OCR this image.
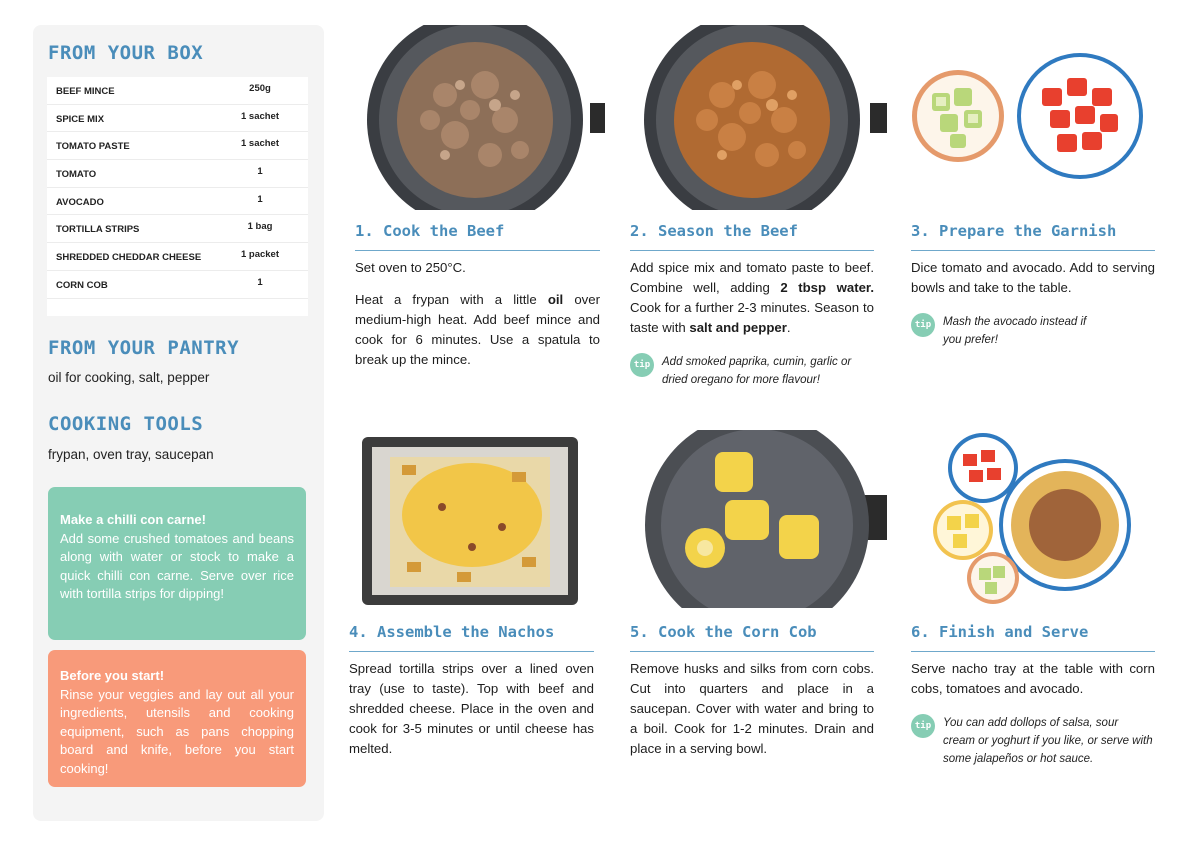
FROM YOUR BOX
BEEF MINCE	250g
SPICE MIX	1 sachet
TOMATO PASTE	1 sachet
TOMATO	1
AVOCADO	1
TORTILLA STRIPS	1 bag
SHREDDED CHEDDAR CHEESE	1 packet
CORN COB	1
FROM YOUR PANTRY
oil for cooking, salt, pepper
COOKING TOOLS
frypan, oven tray, saucepan
Make a chilli con carne!
Add some crushed tomatoes and beans along with water or stock to make a quick chilli con carne. Serve over rice with tortilla strips for dipping!
Before you start!
Rinse your veggies and lay out all your ingredients, utensils and cooking equipment, such as pans chopping board and knife, before you start cooking!
1. Cook the Beef

Set oven to 250°C.

Heat a frypan with a little oil over medium-high heat. Add beef mince and cook for 6 minutes. Use a spatula to break up the mince.

2. Season the Beef

Add spice mix and tomato paste to beef. Combine well, adding 2 tbsp water. Cook for a further 2-3 minutes. Season to taste with salt and pepper.

tip	Add smoked paprika, cumin, garlic or dried oregano for more flavour!
3. Prepare the Garnish

Dice tomato and avocado. Add to serving bowls and take to the table.

tip	Mash the avocado instead if you prefer!
4. Assemble the Nachos

Spread tortilla strips over a lined oven tray (use to taste). Top with beef and shredded cheese. Place in the oven and cook for 3-5 minutes or until cheese has melted.

5. Cook the Corn Cob

Remove husks and silks from corn cobs. Cut into quarters and place in a saucepan. Cover with water and bring to a boil. Cook for 1-2 minutes. Drain and place in a serving bowl.

6. Finish and Serve

Serve nacho tray at the table with corn cobs, tomatoes and avocado.

tip	You can add dollops of salsa, sour cream or yoghurt if you like, or serve with some jalapeños or hot sauce.
